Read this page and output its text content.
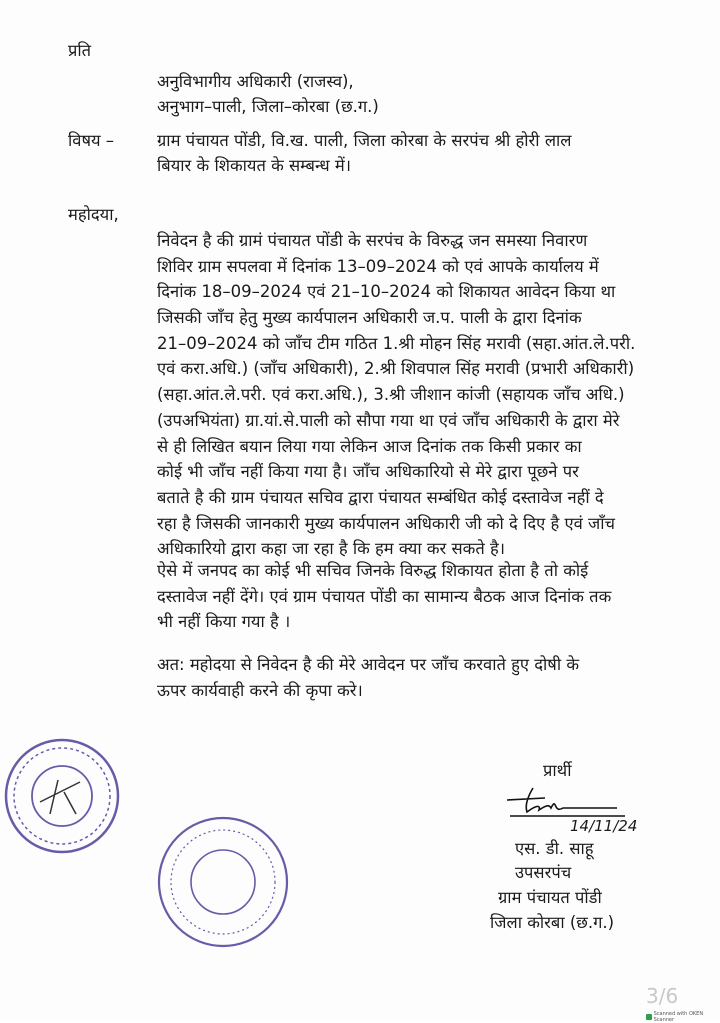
प्रति
अनुविभागीय अधिकारी (राजस्व),
अनुभाग–पाली, जिला–कोरबा (छ.ग.)
विषय –	ग्राम पंचायत पोंडी, वि.ख. पाली, जिला कोरबा के सरपंच श्री होरी लाल
बियार के शिकायत के सम्बन्ध में।
महोदया,
निवेदन है की ग्रामं पंचायत पोंडी के सरपंच के विरुद्ध जन समस्या निवारण
शिविर ग्राम सपलवा में दिनांक 13–09–2024 को एवं आपके कार्यालय में
दिनांक 18–09–2024 एवं 21–10–2024 को शिकायत आवेदन किया था
जिसकी जाँच हेतु मुख्य कार्यपालन अधिकारी ज.प. पाली के द्वारा दिनांक
21–09–2024 को जाँच टीम गठित 1.श्री मोहन सिंह मरावी (सहा.आंत.ले.परी.
एवं करा.अधि.) (जाँच अधिकारी), 2.श्री शिवपाल सिंह मरावी (प्रभारी अधिकारी)
(सहा.आंत.ले.परी. एवं करा.अधि.), 3.श्री जीशान कांजी (सहायक जाँच अधि.)
(उपअभियंता) ग्रा.यां.से.पाली को सौपा गया था एवं जाँच अधिकारी के द्वारा मेरे
से ही लिखित बयान लिया गया लेकिन आज दिनांक तक किसी प्रकार का
कोई भी जाँच नहीं किया गया है। जाँच अधिकारियो से मेरे द्वारा पूछने पर
बताते है की ग्राम पंचायत सचिव द्वारा पंचायत सम्बंधित कोई दस्तावेज नहीं दे
रहा है जिसकी जानकारी मुख्य कार्यपालन अधिकारी जी को दे दिए है एवं जाँच
अधिकारियो द्वारा कहा जा रहा है कि हम क्या कर सकते है।
ऐसे में जनपद का कोई भी सचिव जिनके विरुद्ध शिकायत होता है तो कोई
दस्तावेज नहीं देंगे। एवं ग्राम पंचायत पोंडी का सामान्य बैठक आज दिनांक तक
भी नहीं किया गया है ।
अत: महोदया से निवेदन है की मेरे आवेदन पर जाँच करवाते हुए दोषी के
ऊपर कार्यवाही करने की कृपा करे।
प्रार्थी
14/11/24
एस. डी. साहू
उपसरपंच
ग्राम पंचायत पोंडी
जिला कोरबा (छ.ग.)
3/6
Scanned with OKEN Scanner
